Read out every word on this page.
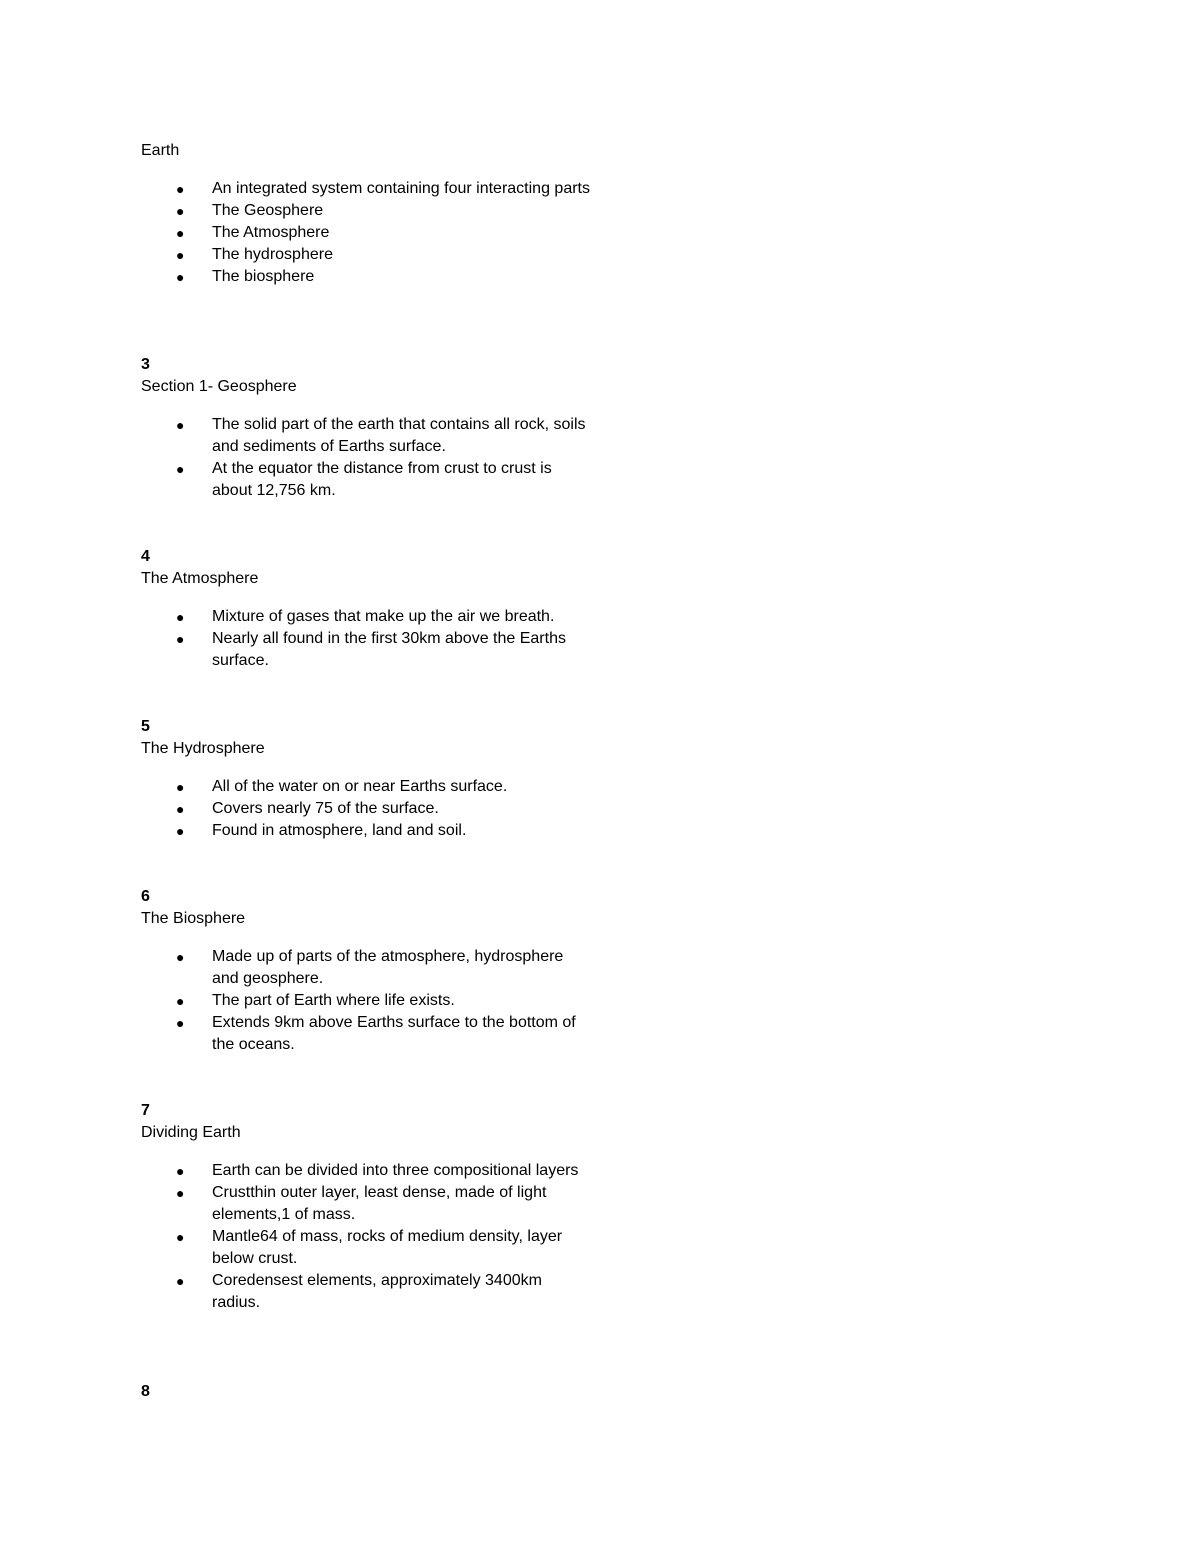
Earth
● An integrated system containing four interacting parts
● The Geosphere
● The Atmosphere
● The hydrosphere
● The biosphere
3
Section 1- Geosphere
● The solid part of the earth that contains all rock, soils and sediments of Earths surface.
● At the equator the distance from crust to crust is about 12,756 km.
4
The Atmosphere
● Mixture of gases that make up the air we breath.
● Nearly all found in the first 30km above the Earths surface.
5
The Hydrosphere
● All of the water on or near Earths surface.
● Covers nearly 75 of the surface.
● Found in atmosphere, land and soil.
6
The Biosphere
● Made up of parts of the atmosphere, hydrosphere and geosphere.
● The part of Earth where life exists.
● Extends 9km above Earths surface to the bottom of the oceans.
7
Dividing Earth
● Earth can be divided into three compositional layers
● Crustthin outer layer, least dense, made of light elements,1 of mass.
● Mantle64 of mass, rocks of medium density, layer below crust.
● Coredensest elements, approximately 3400km radius.
8
